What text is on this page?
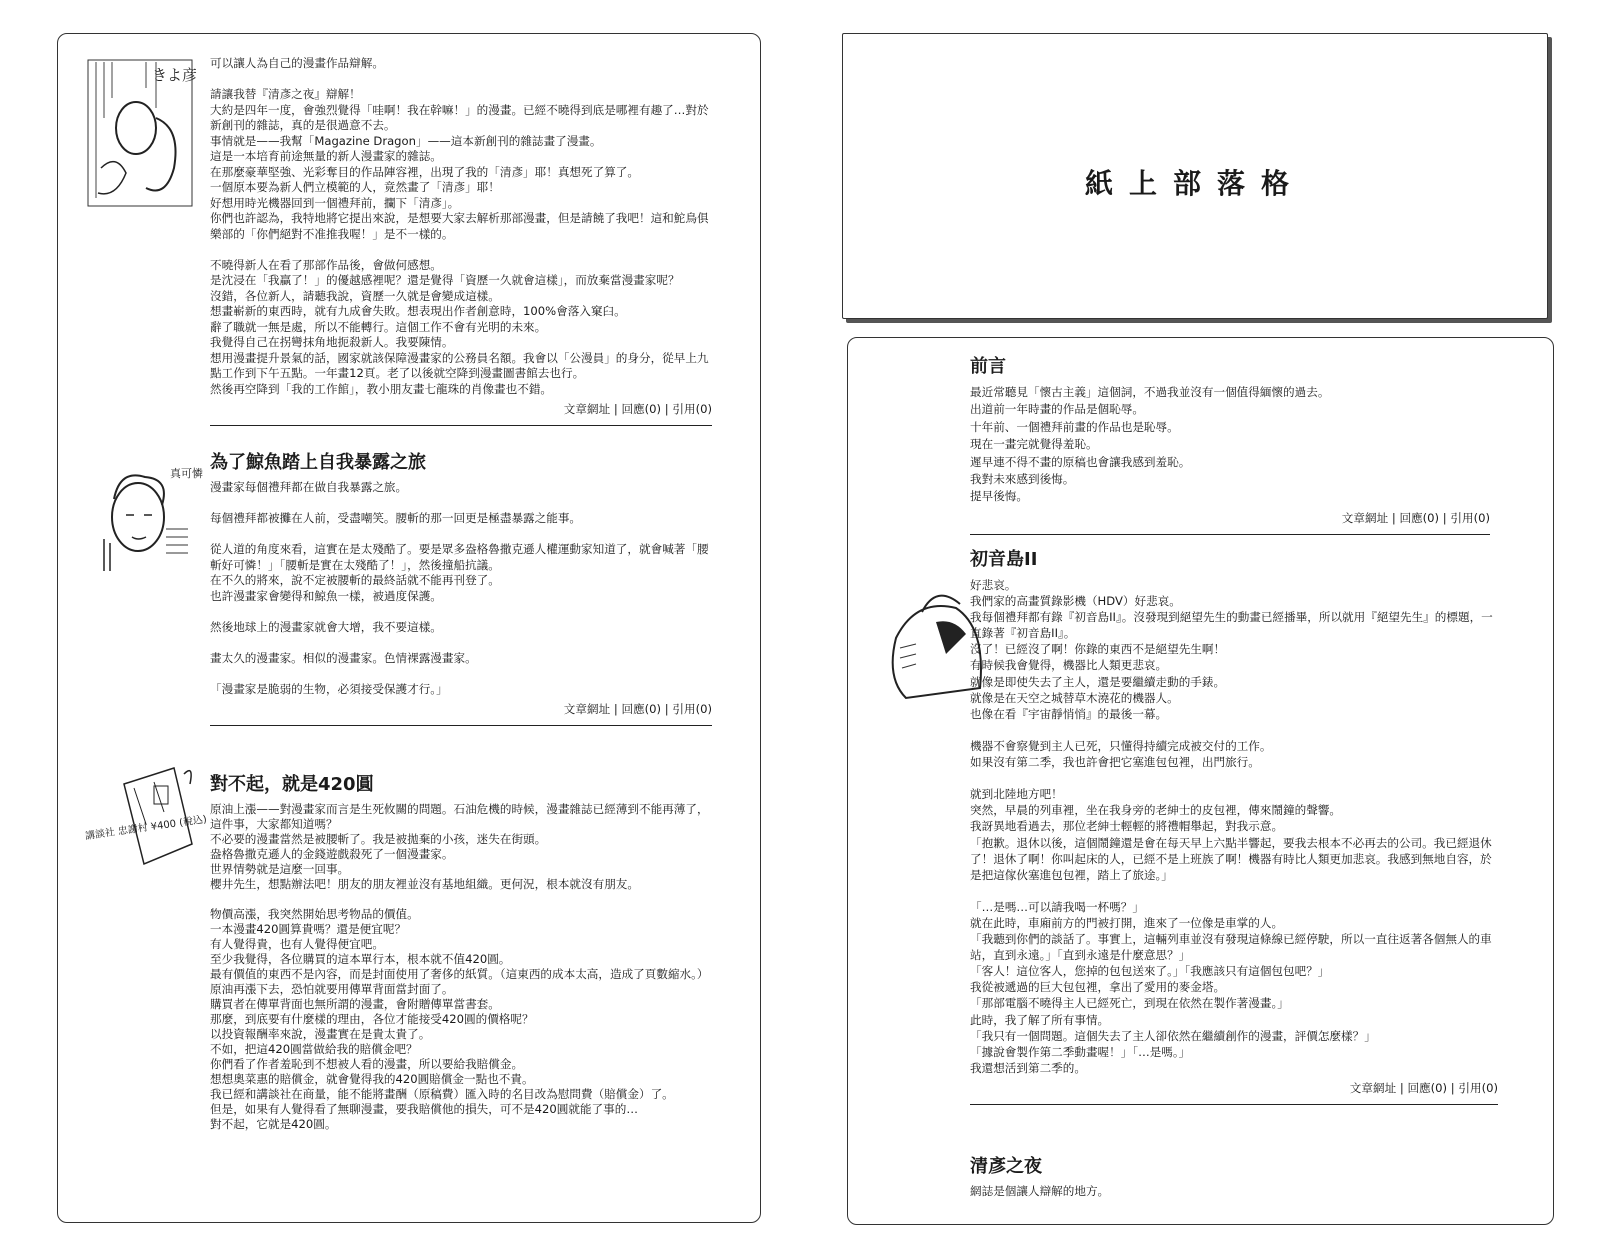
きよ彦
真可憐
講談社 忠謝村 ¥400 (稅込)
可以讓人為自己的漫畫作品辯解。

請讓我替『清彥之夜』辯解！
大約是四年一度，會強烈覺得「哇啊！我在幹嘛！」的漫畫。已經不曉得到底是哪裡有趣了…對於新創刊的雜誌，真的是很過意不去。
事情就是——我幫「Magazine Dragon」——這本新創刊的雜誌畫了漫畫。
這是一本培育前途無量的新人漫畫家的雜誌。
在那麼豪華堅強、光彩奪目的作品陣容裡，出現了我的「清彥」耶！真想死了算了。
一個原本要為新人們立模範的人，竟然畫了「清彥」耶！
好想用時光機器回到一個禮拜前，攔下「清彥」。
你們也許認為，我特地將它提出來說，是想要大家去解析那部漫畫，但是請饒了我吧！這和鮀鳥俱樂部的「你們絕對不准推我喔！」是不一樣的。

不曉得新人在看了那部作品後，會做何感想。
是沈浸在「我贏了！」的優越感裡呢？還是覺得「資歷一久就會這樣」，而放棄當漫畫家呢？
沒錯，各位新人，請聽我說，資歷一久就是會變成這樣。
想畫嶄新的東西時，就有九成會失敗。想表現出作者創意時，100%會落入窠臼。
辭了職就一無是處，所以不能轉行。這個工作不會有光明的未來。
我覺得自己在拐彎抹角地扼殺新人。我要陳情。
想用漫畫提升景氣的話，國家就該保障漫畫家的公務員名額。我會以「公漫員」的身分，從早上九點工作到下午五點。一年畫12頁。老了以後就空降到漫畫圖書館去也行。
然後再空降到「我的工作館」，教小朋友畫七龍珠的肖像畫也不錯。
文章網址 | 回應(0) | 引用(0)
為了鯨魚踏上自我暴露之旅
漫畫家每個禮拜都在做自我暴露之旅。

每個禮拜都被攤在人前，受盡嘲笑。腰斬的那一回更是極盡暴露之能事。

從人道的角度來看，這實在是太殘酷了。要是眾多盎格魯撒克遜人權運動家知道了，就會喊著「腰斬好可憐！」「腰斬是實在太殘酷了！」，然後撞船抗議。
在不久的將來，說不定被腰斬的最終話就不能再刊登了。
也許漫畫家會變得和鯨魚一樣，被過度保護。

然後地球上的漫畫家就會大增，我不要這樣。

畫太久的漫畫家。相似的漫畫家。色情裸露漫畫家。

「漫畫家是脆弱的生物，必須接受保護才行。」
文章網址 | 回應(0) | 引用(0)
對不起，就是420圓
原油上漲——對漫畫家而言是生死攸關的問題。石油危機的時候，漫畫雜誌已經薄到不能再薄了，這件事，大家都知道嗎？
不必要的漫畫當然是被腰斬了。我是被拋棄的小孩，迷失在街頭。
盎格魯撒克遜人的金錢遊戲殺死了一個漫畫家。
世界情勢就是這麼一回事。
櫻井先生，想點辦法吧！朋友的朋友裡並沒有基地組織。更何況，根本就沒有朋友。

物價高漲，我突然開始思考物品的價值。
一本漫畫420圓算貴嗎？還是便宜呢？
有人覺得貴，也有人覺得便宜吧。
至少我覺得，各位購買的這本單行本，根本就不值420圓。
最有價值的東西不是內容，而是封面使用了奢侈的紙質。（這東西的成本太高，造成了頁數縮水。）
原油再漲下去，恐怕就要用傳單背面當封面了。
購買者在傳單背面也無所謂的漫畫，會附贈傳單當書套。
那麼，到底要有什麼樣的理由，各位才能接受420圓的價格呢？
以投資報酬率來說，漫畫實在是貴太貴了。
不如，把這420圓當做給我的賠償金吧？
你們看了作者羞恥到不想被人看的漫畫，所以要給我賠償金。
想想奧菜惠的賠償金，就會覺得我的420圓賠償金一點也不貴。
我已經和講談社在商量，能不能將畫酬（原稿費）匯入時的名目改為慰問費（賠償金）了。
但是，如果有人覺得看了無聊漫畫，要我賠償他的損失，可不是420圓就能了事的…
對不起，它就是420圓。
紙上部落格
前言
最近常聽見「懷古主義」這個詞，不過我並沒有一個值得緬懷的過去。
出道前一年時畫的作品是個恥辱。
十年前、一個禮拜前畫的作品也是恥辱。
現在一畫完就覺得羞恥。
遲早連不得不畫的原稿也會讓我感到羞恥。
我對未來感到後悔。
提早後悔。
文章網址 | 回應(0) | 引用(0)
初音島II
好悲哀。
我們家的高畫質錄影機（HDV）好悲哀。
我每個禮拜都有錄『初音島II』。沒發現到絕望先生的動畫已經播畢，所以就用『絕望先生』的標題，一直錄著『初音島II』。
沒了！已經沒了啊！你錄的東西不是絕望先生啊！
有時候我會覺得，機器比人類更悲哀。
就像是即使失去了主人，還是要繼續走動的手錶。
就像是在天空之城替草木澆花的機器人。
也像在看『宇宙靜悄悄』的最後一幕。

機器不會察覺到主人已死，只懂得持續完成被交付的工作。
如果沒有第二季，我也許會把它塞進包包裡，出門旅行。

就到北陸地方吧！
突然，早晨的列車裡，坐在我身旁的老紳士的皮包裡，傳來鬧鐘的聲響。
我訝異地看過去，那位老紳士輕輕的將禮帽舉起，對我示意。
「抱歉。退休以後，這個鬧鐘還是會在每天早上六點半響起，要我去根本不必再去的公司。我已經退休了！退休了啊！你叫起床的人，已經不是上班族了啊！機器有時比人類更加悲哀。我感到無地自容，於是把這傢伙塞進包包裡，踏上了旅途。」

「…是嗎…可以請我喝一杯嗎？」
就在此時，車廂前方的門被打開，進來了一位像是車掌的人。
「我聽到你們的談話了。事實上，這輛列車並沒有發現這條線已經停駛，所以一直往返著各個無人的車站，直到永遠。」「直到永遠是什麼意思？」
「客人！這位客人，您掉的包包送來了。」「我應該只有這個包包吧？」
我從被遞過的巨大包包裡，拿出了愛用的麥金塔。
「那部電腦不曉得主人已經死亡，到現在依然在製作著漫畫。」
此時，我了解了所有事情。
「我只有一個問題。這個失去了主人卻依然在繼續創作的漫畫，評價怎麼樣？」
「據說會製作第二季動畫喔！」「…是嗎。」
我還想活到第二季的。
文章網址 | 回應(0) | 引用(0)
清彥之夜
網誌是個讓人辯解的地方。
